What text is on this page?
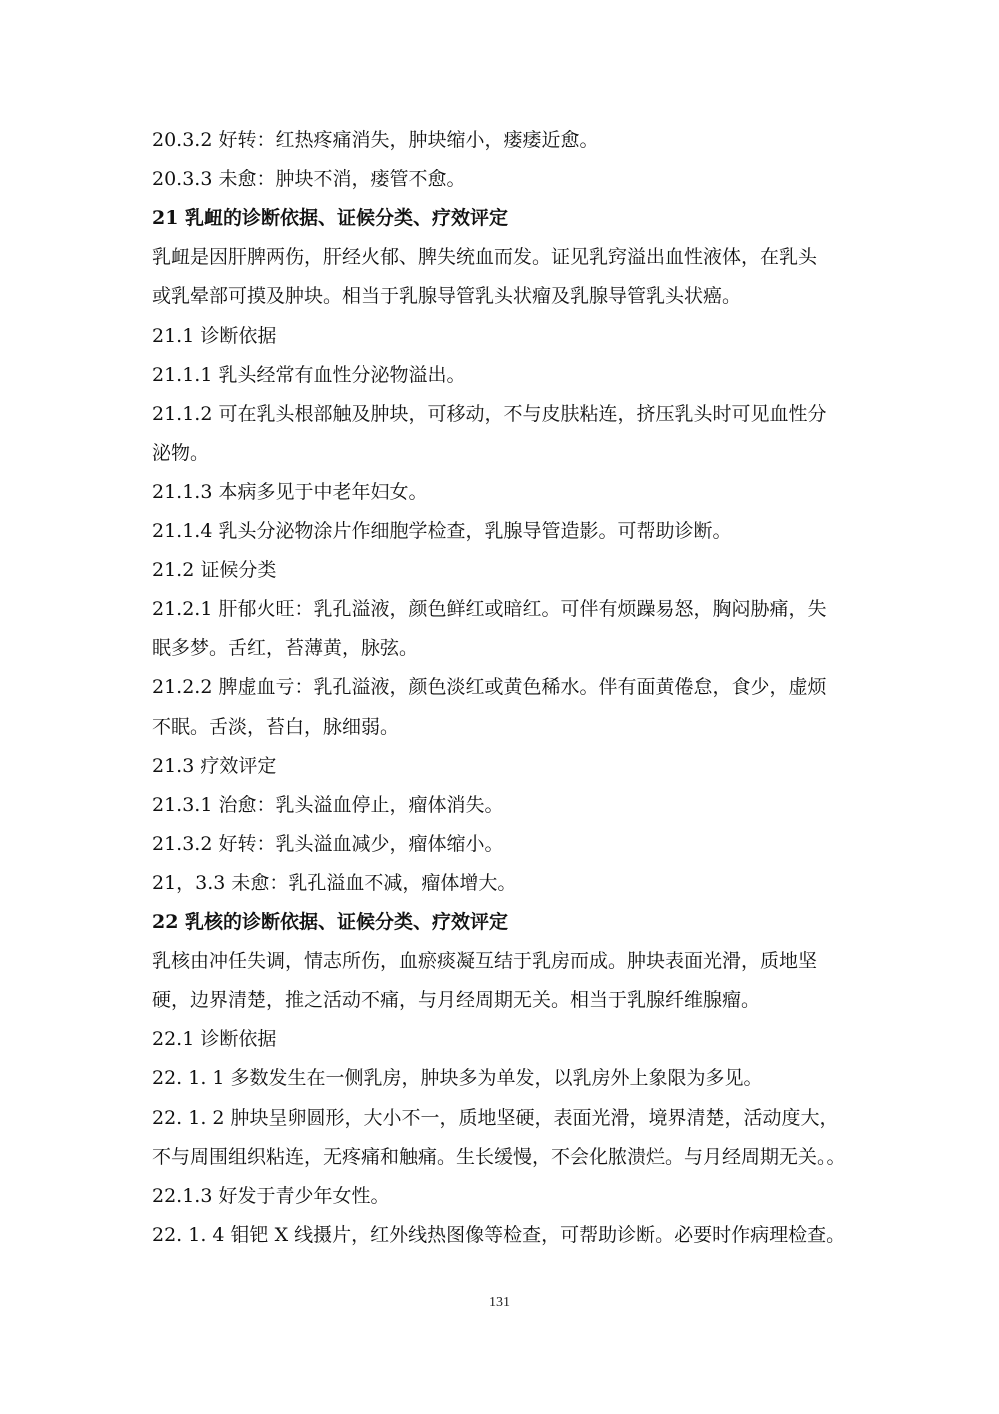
20.3.2 好转：红热疼痛消失，肿块缩小，瘘痿近愈。
20.3.3 未愈：肿块不消，瘘管不愈。
21 乳衄的诊断依据、证候分类、疗效评定
乳衄是因肝脾两伤，肝经火郁、脾失统血而发。证见乳窍溢出血性液体，在乳头
或乳晕部可摸及肿块。相当于乳腺导管乳头状瘤及乳腺导管乳头状癌。
21.1 诊断依据
21.1.1 乳头经常有血性分泌物溢出。
21.1.2 可在乳头根部触及肿块，可移动，不与皮肤粘连，挤压乳头时可见血性分
泌物。
21.1.3 本病多见于中老年妇女。
21.1.4 乳头分泌物涂片作细胞学检查，乳腺导管造影。可帮助诊断。
21.2 证候分类
21.2.1 肝郁火旺：乳孔溢液，颜色鲜红或暗红。可伴有烦躁易怒，胸闷胁痛，失
眠多梦。舌红，苔薄黄，脉弦。
21.2.2 脾虚血亏：乳孔溢液，颜色淡红或黄色稀水。伴有面黄倦怠，食少，虚烦
不眠。舌淡，苔白，脉细弱。
21.3 疗效评定
21.3.1 治愈：乳头溢血停止，瘤体消失。
21.3.2 好转：乳头溢血减少，瘤体缩小。
21，3.3 未愈：乳孔溢血不减，瘤体增大。
22 乳核的诊断依据、证候分类、疗效评定
乳核由冲任失调，情志所伤，血瘀痰凝互结于乳房而成。肿块表面光滑，质地坚
硬，边界清楚，推之活动不痛，与月经周期无关。相当于乳腺纤维腺瘤。
22.1 诊断依据
22. 1. 1 多数发生在一侧乳房，肿块多为单发，以乳房外上象限为多见。
22. 1. 2 肿块呈卵圆形，大小不一，质地坚硬，表面光滑，境界清楚，活动度大，
不与周围组织粘连，无疼痛和触痛。生长缓慢，不会化脓溃烂。与月经周期无关。。
22.1.3 好发于青少年女性。
22. 1. 4 钼钯 X 线摄片，红外线热图像等检查，可帮助诊断。必要时作病理检查。
131
